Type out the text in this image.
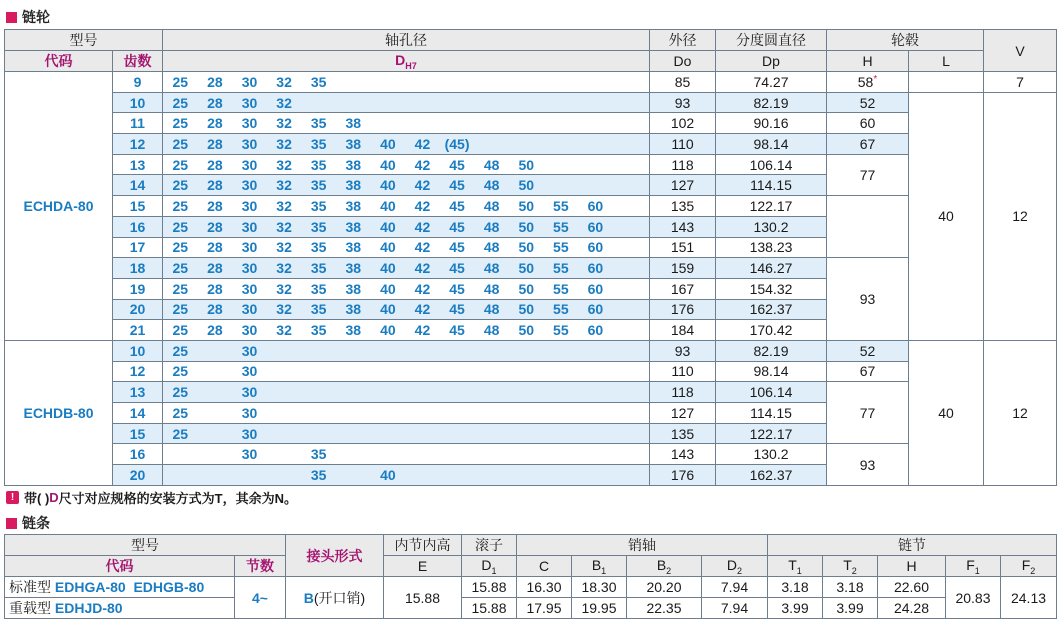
链轮
型号		轴孔径	外径	分度圆直径	轮毂		V
代码	齿数	$D_{H7}$	Do	Dp	H	L	
ECHDA-80	9	25 28 30 32 35	85	74.27	58*		7
	10	25 28 30 32	93	82.19	52	40	12
	11	25 28 30 32 35 38	102	90.16	60		
	12	25 28 30 32 35 38 40 42 (45)	110	98.14	67		
	13	25 28 30 32 35 38 40 42 45 48 50	118	106.14	77		
	14	25 28 30 32 35 38 40 42 45 48 50	127	114.15			
	15	25 28 30 32 35 38 40 42 45 48 50 55 60	135	122.17			
	16	25 28 30 32 35 38 40 42 45 48 50 55 60	143	130.2			
	17	25 28 30 32 35 38 40 42 45 48 50 55 60	151	138.23			
	18	25 28 30 32 35 38 40 42 45 48 50 55 60	159	146.27	93		
	19	25 28 30 32 35 38 40 42 45 48 50 55 60	167	154.32			
	20	25 28 30 32 35 38 40 42 45 48 50 55 60	176	162.37			
	21	25 28 30 32 35 38 40 42 45 48 50 55 60	184	170.42			
ECHDB-80	10	25 30	93	82.19	52	40	12
	12	25 30	110	98.14	67		
	13	25 30	118	106.14	77		
	14	25 30	127	114.15			
	15	25 30	135	122.17			
	16	30 35	143	130.2	93		
	20	35 40	176	162.37			
! 带( ) D 尺寸对应规格的安装方式为T，其余为N。
链条
型号		接头形式	内节内高	滚子	销轴				链节				
代码	节数		E	$D_1$	C	$B_1$	$B_2$	$D_2$	$T_1$	$T_2$	H	$F_1$	$F_2$
标准型 EDHGA-80  EDHGB-80	4~	B(开口销)	15.88	15.88	16.30	18.30	20.20	7.94	3.18	3.18	22.60	20.83	24.13
重载型 EDHJD-80				15.88	17.95	19.95	22.35	7.94	3.99	3.99	24.28		
